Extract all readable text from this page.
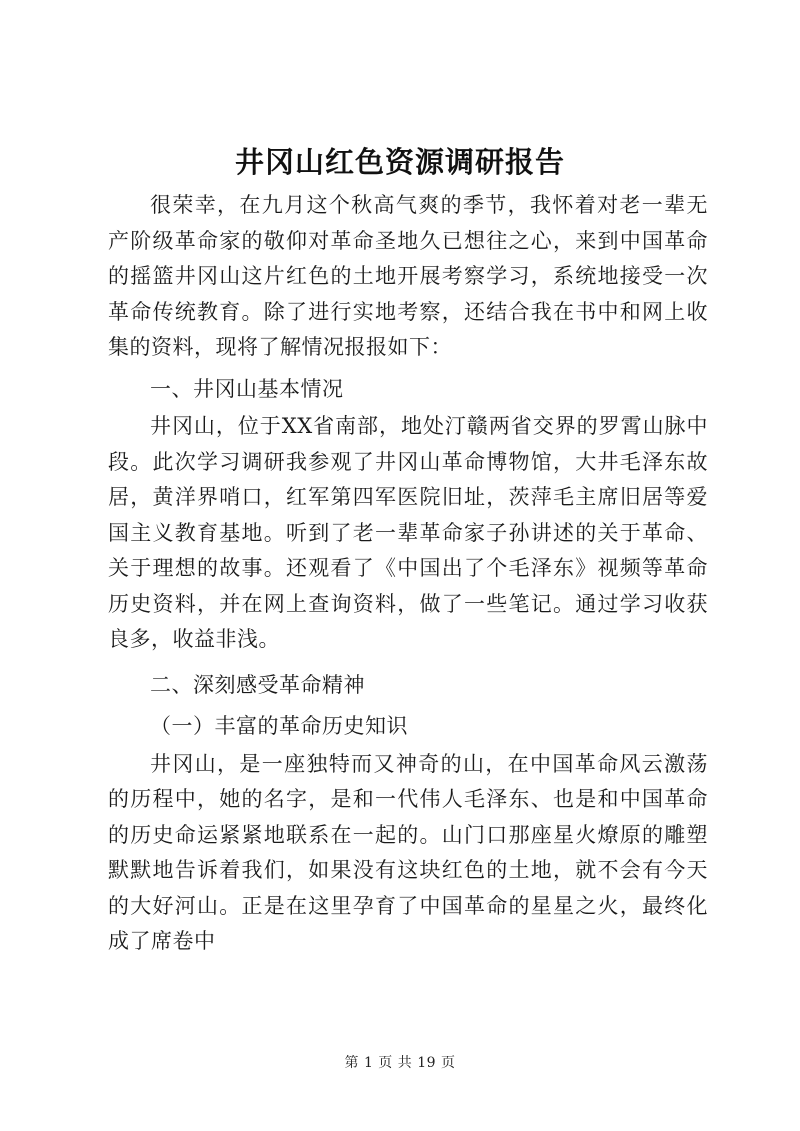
井冈山红色资源调研报告

很荣幸，在九月这个秋高气爽的季节，我怀着对老一辈无产阶级革命家的敬仰对革命圣地久已想往之心，来到中国革命的摇篮井冈山这片红色的土地开展考察学习，系统地接受一次革命传统教育。除了进行实地考察，还结合我在书中和网上收集的资料，现将了解情况报报如下：

一、井冈山基本情况

井冈山，位于XX省南部，地处汀赣两省交界的罗霄山脉中段。此次学习调研我参观了井冈山革命博物馆，大井毛泽东故居，黄洋界哨口，红军第四军医院旧址，茨萍毛主席旧居等爱国主义教育基地。听到了老一辈革命家子孙讲述的关于革命、关于理想的故事。还观看了《中国出了个毛泽东》视频等革命历史资料，并在网上查询资料，做了一些笔记。通过学习收获良多，收益非浅。

二、深刻感受革命精神

（一）丰富的革命历史知识

井冈山，是一座独特而又神奇的山，在中国革命风云激荡的历程中，她的名字，是和一代伟人毛泽东、也是和中国革命的历史命运紧紧地联系在一起的。山门口那座星火燎原的雕塑默默地告诉着我们，如果没有这块红色的土地，就不会有今天的大好河山。正是在这里孕育了中国革命的星星之火，最终化成了席卷中

第 1 页 共 19 页
